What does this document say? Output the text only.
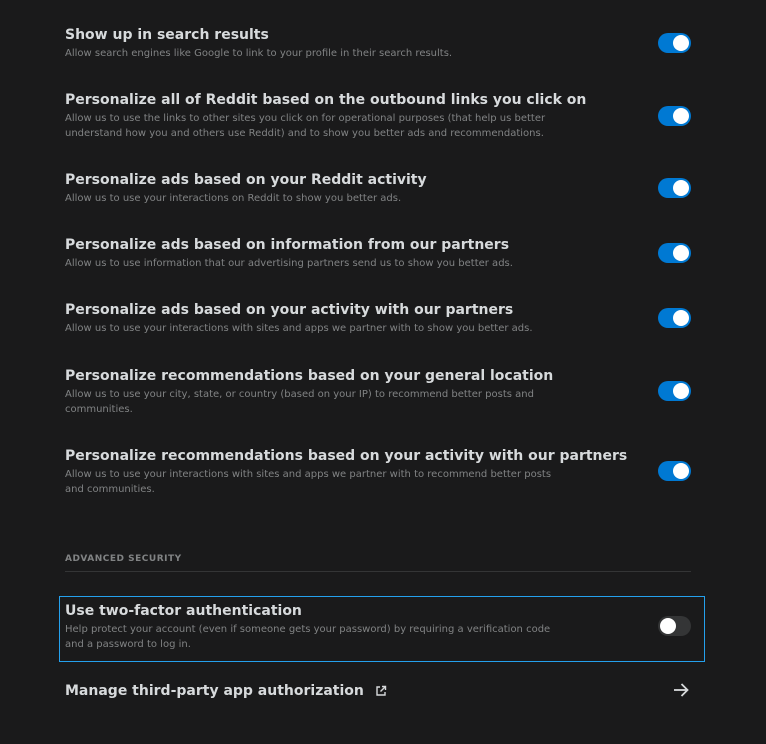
Show up in search results
Allow search engines like Google to link to your profile in their search results.
Personalize all of Reddit based on the outbound links you click on
Allow us to use the links to other sites you click on for operational purposes (that help us better understand how you and others use Reddit) and to show you better ads and recommendations.
Personalize ads based on your Reddit activity
Allow us to use your interactions on Reddit to show you better ads.
Personalize ads based on information from our partners
Allow us to use information that our advertising partners send us to show you better ads.
Personalize ads based on your activity with our partners
Allow us to use your interactions with sites and apps we partner with to show you better ads.
Personalize recommendations based on your general location
Allow us to use your city, state, or country (based on your IP) to recommend better posts and communities.
Personalize recommendations based on your activity with our partners
Allow us to use your interactions with sites and apps we partner with to recommend better posts and communities.
ADVANCED SECURITY
Use two-factor authentication
Help protect your account (even if someone gets your password) by requiring a verification code and a password to log in.
Manage third-party app authorization
